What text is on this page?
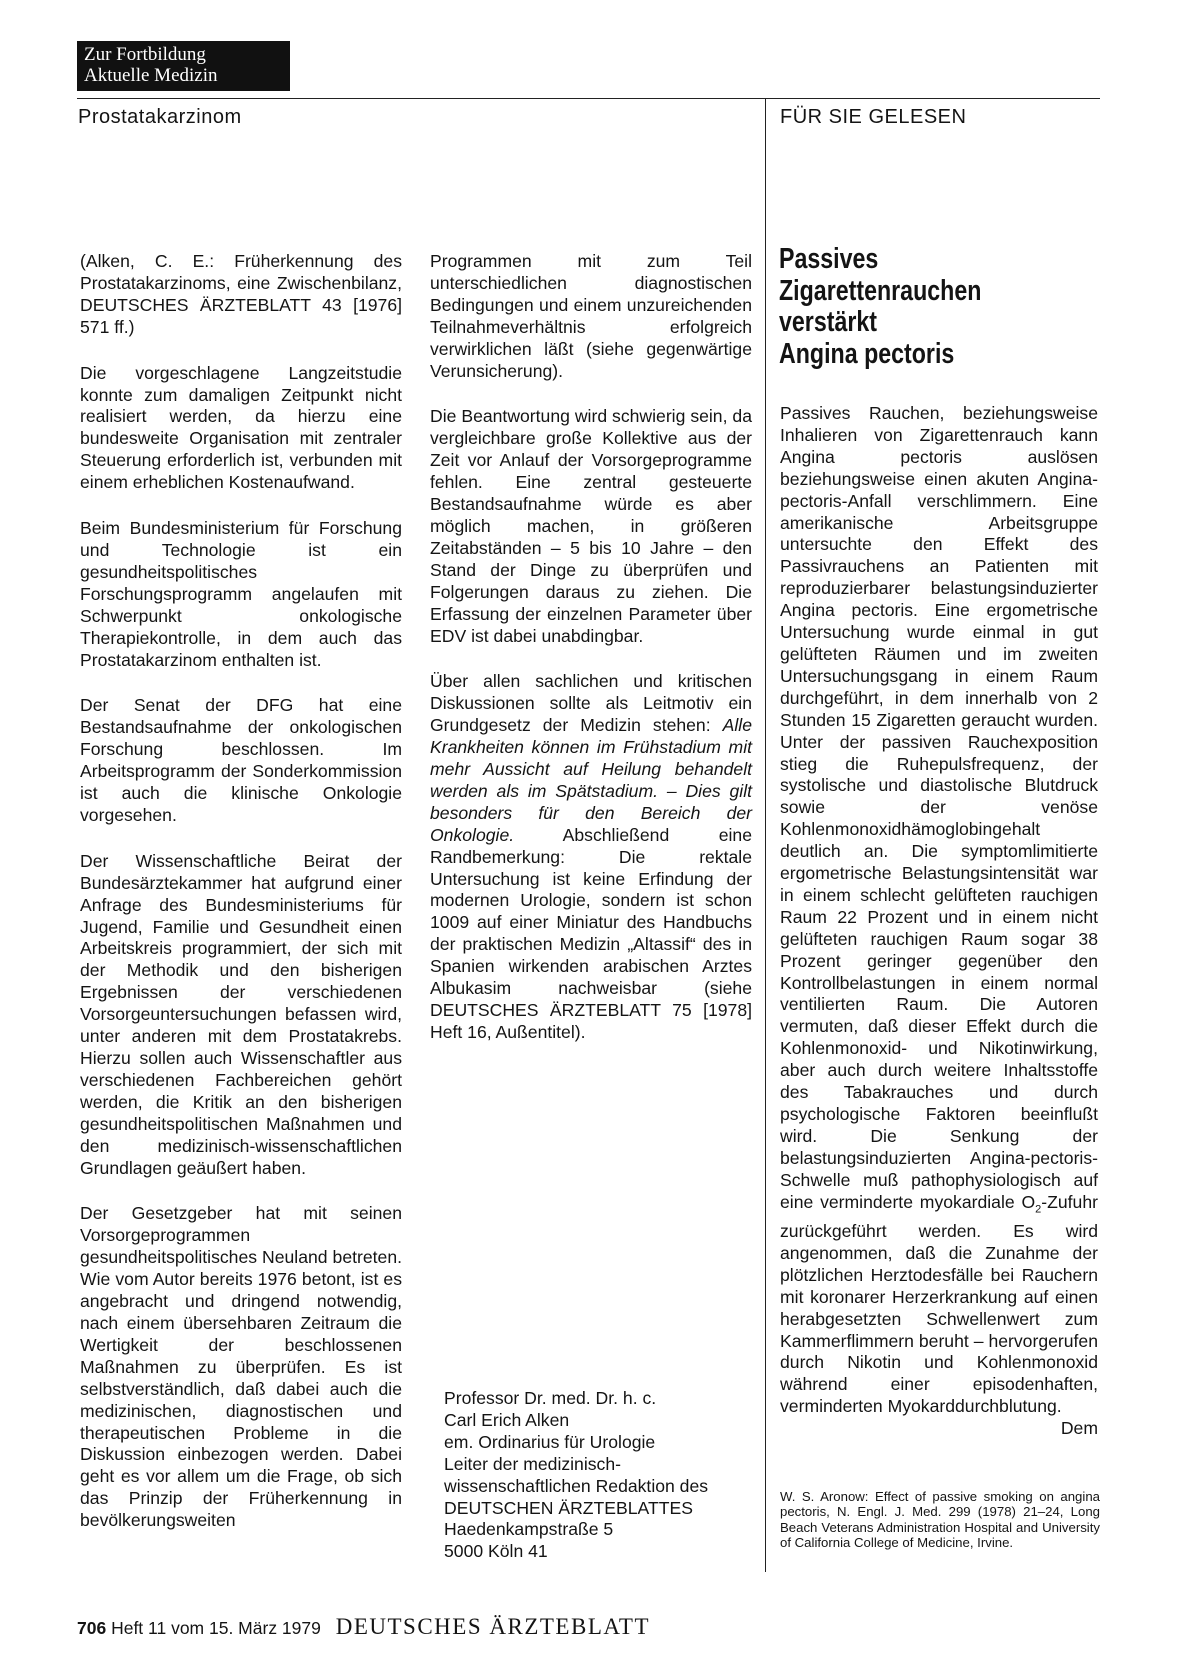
Zur Fortbildung
Aktuelle Medizin
Prostatakarzinom	FÜR SIE GELESEN

(Alken, C. E.: Früherkennung des Prostatakarzinoms, eine Zwischenbilanz, DEUTSCHES ÄRZTEBLATT 43 [1976] 571 ff.)

Die vorgeschlagene Langzeitstudie konnte zum damaligen Zeitpunkt nicht realisiert werden, da hierzu eine bundesweite Organisation mit zentraler Steuerung erforderlich ist, verbunden mit einem erheblichen Kostenaufwand.

Beim Bundesministerium für Forschung und Technologie ist ein gesundheitspolitisches Forschungsprogramm angelaufen mit Schwerpunkt onkologische Therapiekontrolle, in dem auch das Prostatakarzinom enthalten ist.

Der Senat der DFG hat eine Bestandsaufnahme der onkologischen Forschung beschlossen. Im Arbeitsprogramm der Sonderkommission ist auch die klinische Onkologie vorgesehen.

Der Wissenschaftliche Beirat der Bundesärztekammer hat aufgrund einer Anfrage des Bundesministeriums für Jugend, Familie und Gesundheit einen Arbeitskreis programmiert, der sich mit der Methodik und den bisherigen Ergebnissen der verschiedenen Vorsorgeuntersuchungen befassen wird, unter anderen mit dem Prostatakrebs. Hierzu sollen auch Wissenschaftler aus verschiedenen Fachbereichen gehört werden, die Kritik an den bisherigen gesundheitspolitischen Maßnahmen und den medizinisch-wissenschaftlichen Grundlagen geäußert haben.

Der Gesetzgeber hat mit seinen Vorsorgeprogrammen gesundheitspolitisches Neuland betreten. Wie vom Autor bereits 1976 betont, ist es angebracht und dringend notwendig, nach einem übersehbaren Zeitraum die Wertigkeit der beschlossenen Maßnahmen zu überprüfen. Es ist selbstverständlich, daß dabei auch die medizinischen, diagnostischen und therapeutischen Probleme in die Diskussion einbezogen werden. Dabei geht es vor allem um die Frage, ob sich das Prinzip der Früherkennung in bevölkerungsweiten

Programmen mit zum Teil unterschiedlichen diagnostischen Bedingungen und einem unzureichenden Teilnahmeverhältnis erfolgreich verwirklichen läßt (siehe gegenwärtige Verunsicherung).

Die Beantwortung wird schwierig sein, da vergleichbare große Kollektive aus der Zeit vor Anlauf der Vorsorgeprogramme fehlen. Eine zentral gesteuerte Bestandsaufnahme würde es aber möglich machen, in größeren Zeitabständen – 5 bis 10 Jahre – den Stand der Dinge zu überprüfen und Folgerungen daraus zu ziehen. Die Erfassung der einzelnen Parameter über EDV ist dabei unabdingbar.

Über allen sachlichen und kritischen Diskussionen sollte als Leitmotiv ein Grundgesetz der Medizin stehen: Alle Krankheiten können im Frühstadium mit mehr Aussicht auf Heilung behandelt werden als im Spätstadium. – Dies gilt besonders für den Bereich der Onkologie. Abschließend eine Randbemerkung: Die rektale Untersuchung ist keine Erfindung der modernen Urologie, sondern ist schon 1009 auf einer Miniatur des Handbuchs der praktischen Medizin „Altassif“ des in Spanien wirkenden arabischen Arztes Albukasim nachweisbar (siehe DEUTSCHES ÄRZTEBLATT 75 [1978] Heft 16, Außentitel).

Professor Dr. med. Dr. h. c.
Carl Erich Alken
em. Ordinarius für Urologie
Leiter der medizinisch-
wissenschaftlichen Redaktion des
DEUTSCHEN ÄRZTEBLATTES
Haedenkampstraße 5
5000 Köln 41
Passives
Zigarettenrauchen
verstärkt
Angina pectoris

Passives Rauchen, beziehungsweise Inhalieren von Zigarettenrauch kann Angina pectoris auslösen beziehungsweise einen akuten Angina-pectoris-Anfall verschlimmern. Eine amerikanische Arbeitsgruppe untersuchte den Effekt des Passivrauchens an Patienten mit reproduzierbarer belastungsinduzierter Angina pectoris. Eine ergometrische Untersuchung wurde einmal in gut gelüfteten Räumen und im zweiten Untersuchungsgang in einem Raum durchgeführt, in dem innerhalb von 2 Stunden 15 Zigaretten geraucht wurden. Unter der passiven Rauchexposition stieg die Ruhepulsfrequenz, der systolische und diastolische Blutdruck sowie der venöse Kohlenmonoxidhämoglobingehalt deutlich an. Die symptomlimitierte ergometrische Belastungsintensität war in einem schlecht gelüfteten rauchigen Raum 22 Prozent und in einem nicht gelüfteten rauchigen Raum sogar 38 Prozent geringer gegenüber den Kontrollbelastungen in einem normal ventilierten Raum. Die Autoren vermuten, daß dieser Effekt durch die Kohlenmonoxid- und Nikotinwirkung, aber auch durch weitere Inhaltsstoffe des Tabakrauches und durch psychologische Faktoren beeinflußt wird. Die Senkung der belastungsinduzierten Angina-pectoris-Schwelle muß pathophysiologisch auf eine verminderte myokardiale $O_2$-Zufuhr zurückgeführt werden. Es wird angenommen, daß die Zunahme der plötzlichen Herztodesfälle bei Rauchern mit koronarer Herzerkrankung auf einen herabgesetzten Schwellenwert zum Kammerflimmern beruht – hervorgerufen durch Nikotin und Kohlenmonoxid während einer episodenhaften, verminderten Myokarddurchblutung.

Dem

W. S. Aronow: Effect of passive smoking on angina pectoris, N. Engl. J. Med. 299 (1978) 21–24, Long Beach Veterans Administration Hospital and University of California College of Medicine, Irvine.
706 Heft 11 vom 15. März 1979 DEUTSCHES ÄRZTEBLATT
